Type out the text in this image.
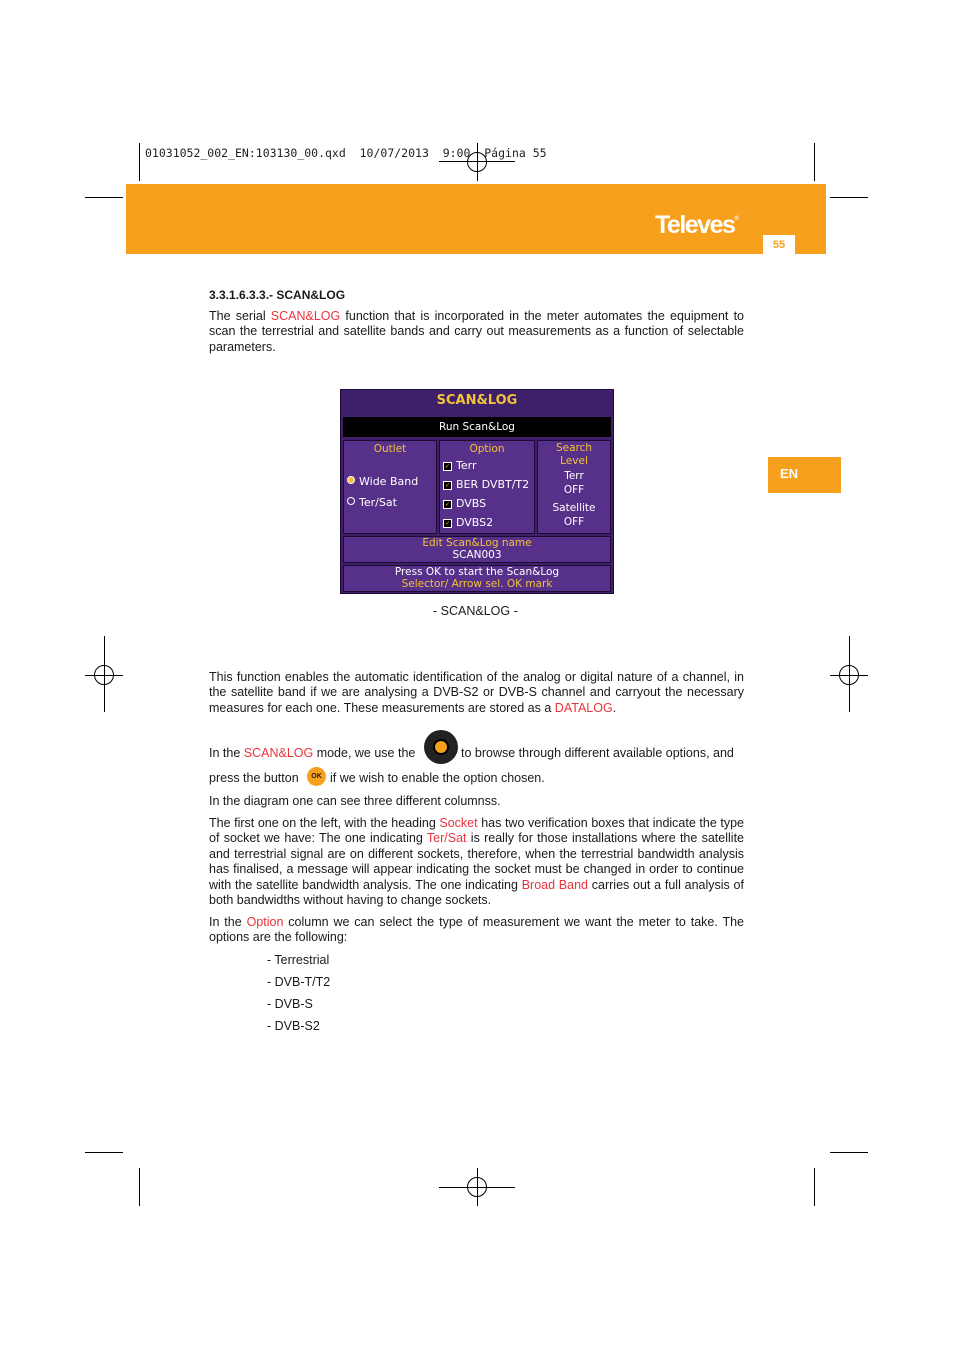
01031052_002_EN:103130_00.qxd  10/07/2013  9:00  Página 55
Televes®
55
EN
3.3.1.6.3.3.- SCAN&LOG
The serial SCAN&LOG function that is incorporated in the meter automates the equipment to scan the terrestrial and satellite bands and carry out measurements as a function of selectable parameters.
SCAN&LOG
Run Scan&Log
Outlet
Wide Band
Ter/Sat
Option
✓ Terr
✓ BER DVBT/T2
✓ DVBS
✓ DVBS2
Search
Level
Terr
OFF
Satellite
OFF
Edit Scan&Log name
SCAN003
Press OK to start the Scan&Log
Selector/ Arrow sel. OK mark
- SCAN&LOG -
This function enables the automatic identification of the analog or digital nature of a channel, in the satellite band if we are analysing a DVB-S2 or DVB-S channel and carryout the necessary measures for each one. These measurements are stored as a DATALOG.
In the SCAN&LOG mode, we use the	to browse through different available options, and
press the button	OK if we wish to enable the option chosen.
In the diagram one can see three different columnss.
The first one on the left, with the heading Socket has two verification boxes that indicate the type of socket we have: The one indicating Ter/Sat is really for those installations where the satellite and terrestrial signal are on different sockets, therefore, when the terrestrial bandwidth analysis has finalised, a message will appear indicating the socket must be changed in order to continue with the satellite bandwidth analysis. The one indicating Broad Band carries out a full analysis of both bandwidths without having to change sockets.
In the Option column we can select the type of measurement we want the meter to take. The options are the following:
- Terrestrial
- DVB-T/T2
- DVB-S
- DVB-S2
